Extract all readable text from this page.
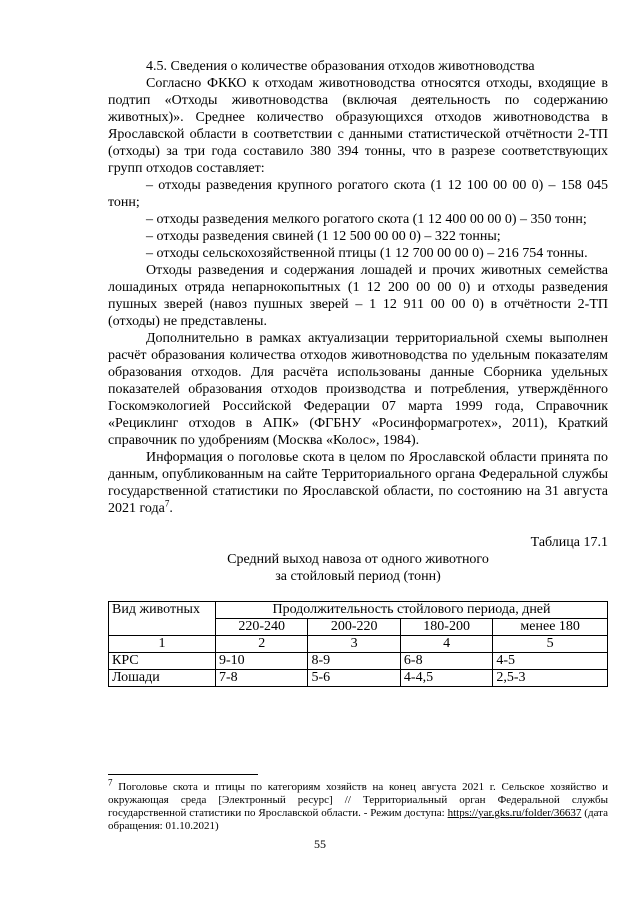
4.5. Сведения о количестве образования отходов животноводства

Согласно ФККО к отходам животноводства относятся отходы, входящие в подтип «Отходы животноводства (включая деятельность по содержанию животных)». Среднее количество образующихся отходов животноводства в Ярославской области в соответствии с данными статистической отчётности 2-ТП (отходы) за три года составило 380 394 тонны, что в разрезе соответствующих групп отходов составляет:

– отходы разведения крупного рогатого скота (1 12 100 00 00 0) – 158 045 тонн;

– отходы разведения мелкого рогатого скота (1 12 400 00 00 0) – 350 тонн;

– отходы разведения свиней (1 12 500 00 00 0) – 322 тонны;

– отходы сельскохозяйственной птицы (1 12 700 00 00 0) – 216 754 тонны.

Отходы разведения и содержания лошадей и прочих животных семейства лошадиных отряда непарнокопытных (1 12 200 00 00 0) и отходы разведения пушных зверей (навоз пушных зверей – 1 12 911 00 00 0) в отчётности 2-ТП (отходы) не представлены.

Дополнительно в рамках актуализации территориальной схемы выполнен расчёт образования количества отходов животноводства по удельным показателям образования отходов. Для расчёта использованы данные Сборника удельных показателей образования отходов производства и потребления, утверждённого Госкомэкологией Российской Федерации 07 марта 1999 года, Справочник «Рециклинг отходов в АПК» (ФГБНУ «Росинформагротех», 2011), Краткий справочник по удобрениям (Москва «Колос», 1984).

Информация о поголовье скота в целом по Ярославской области принята по данным, опубликованным на сайте Территориального органа Федеральной службы государственной статистики по Ярославской области, по состоянию на 31 августа 2021 года$^7$.

Таблица 17.1

Средний выход навоза от одного животного

за стойловый период (тонн)

Вид животных	Продолжительность стойлового периода, дней			
	220-240	200-220	180-200	менее 180
1	2	3	4	5
КРС	9-10	8-9	6-8	4-5
Лошади	7-8	5-6	4-4,5	2,5-3
$^7$ Поголовье скота и птицы по категориям хозяйств на конец августа 2021 г. Сельское хозяйство и окружающая среда [Электронный ресурс] // Территориальный орган Федеральной службы государственной статистики по Ярославской области. - Режим доступа: https://yar.gks.ru/folder/36637 (дата обращения: 01.10.2021)
55
